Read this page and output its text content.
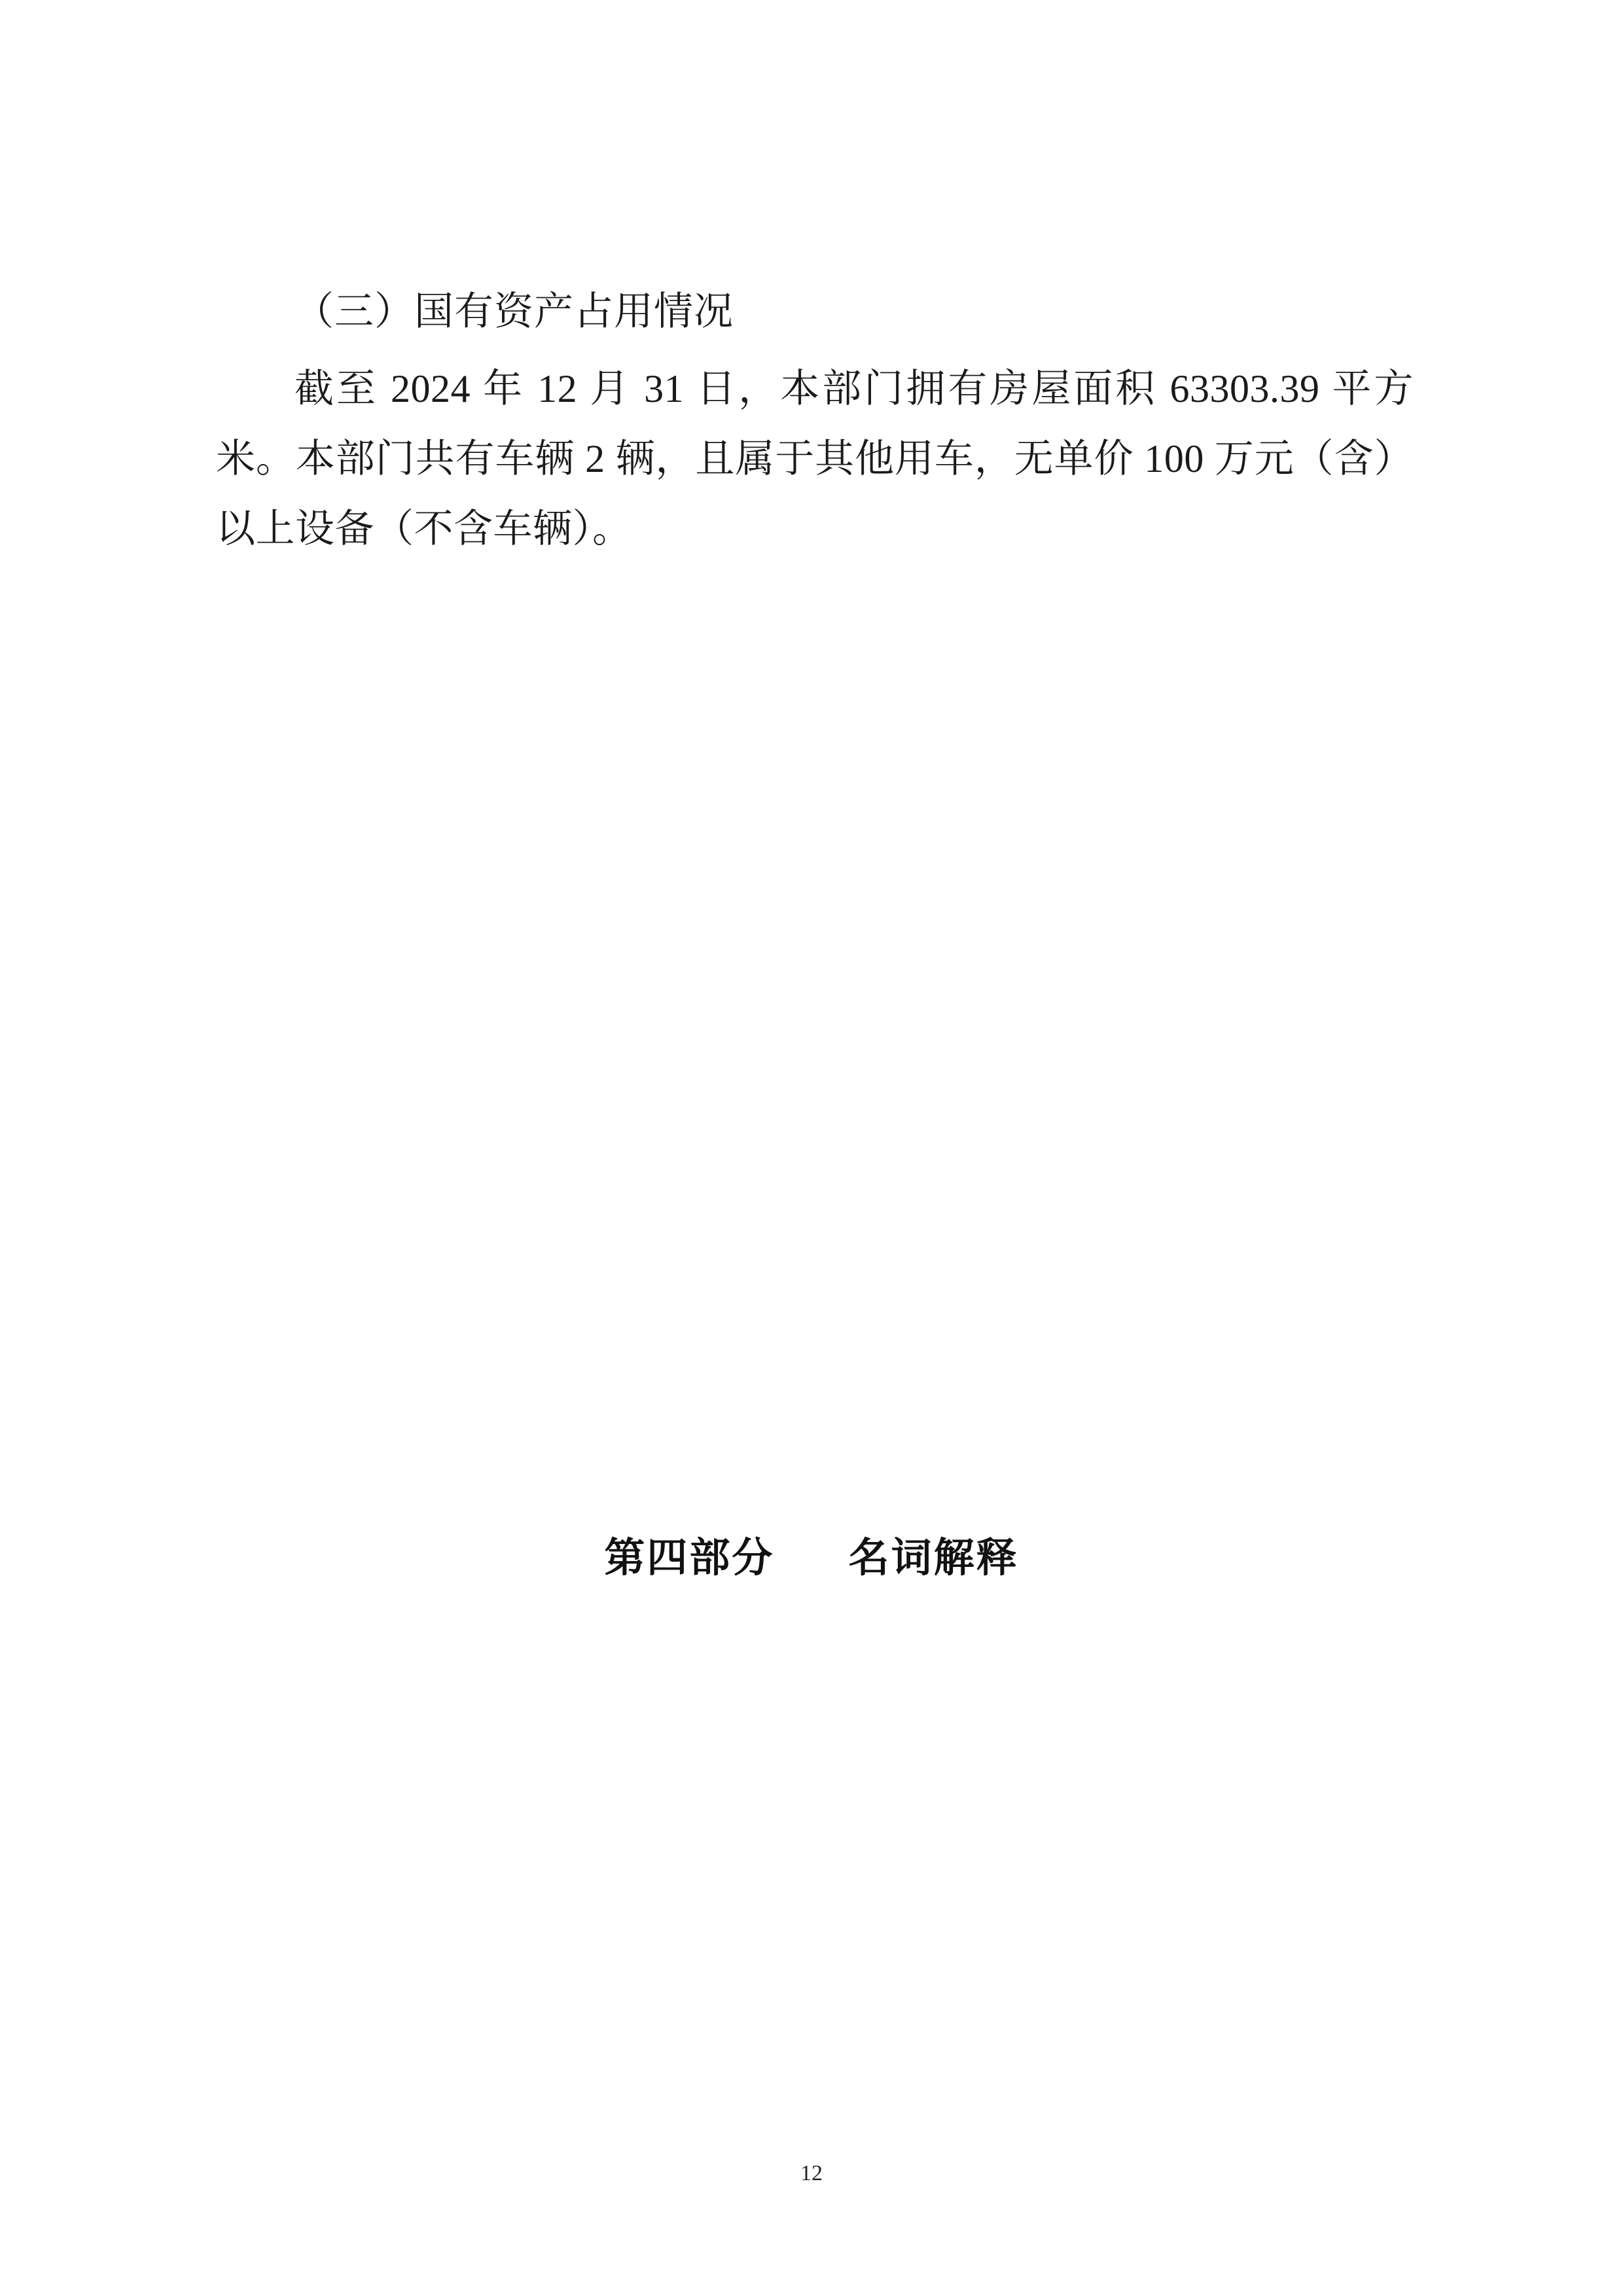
（三）国有资产占用情况

截至 2024 年 12 月 31 日，本部门拥有房屋面积 63303.39 平方米。本部门共有车辆 2 辆，且属于其他用车，无单价 100 万元（含）以上设备（不含车辆）。

第四部分 名词解释
12
